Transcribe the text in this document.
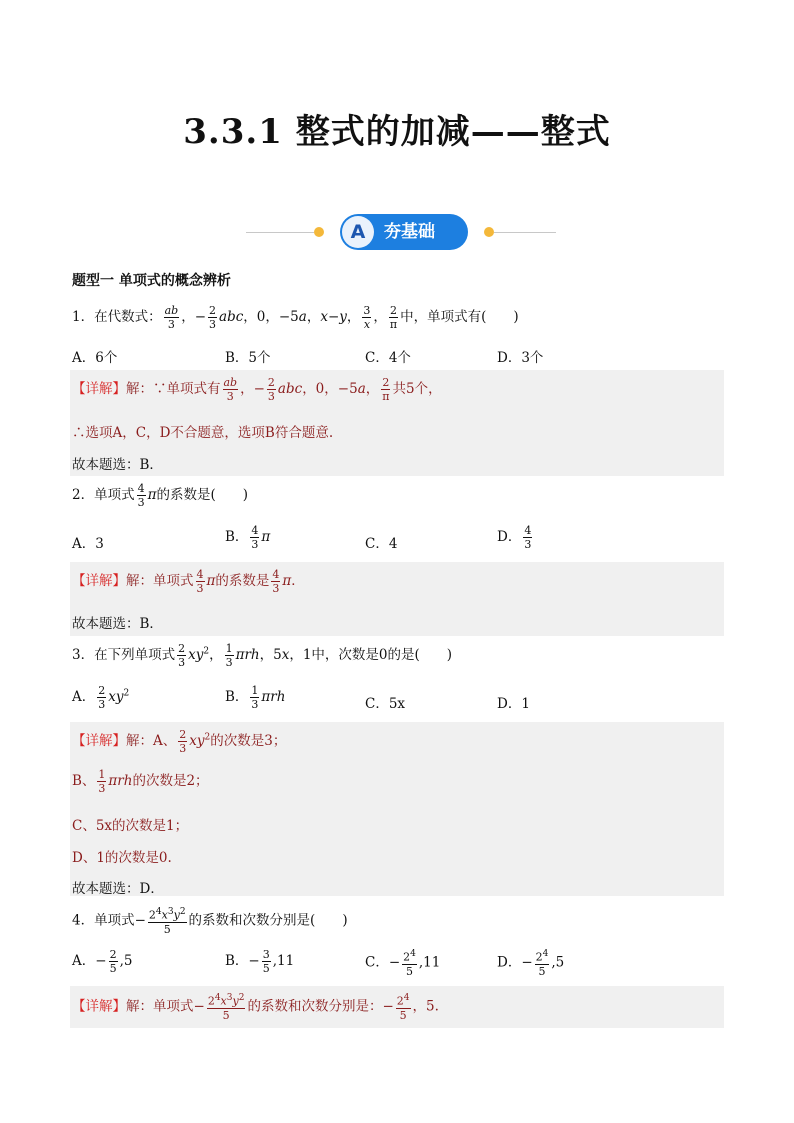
3.3.1 整式的加减——整式
A	夯基础
题型一 单项式的概念辨析
1．在代数式： $\frac{ab}{3}$ ，− $\frac{2}{3}$ abc，0，−5a，x−y， $\frac{3}{x}$ ， $\frac{2}{\pi}$ 中，单项式有(　　)
A．6个	B．5个	C．4个	D．3个
【详解】解：∵单项式有 $\frac{ab}{3}$ ，− $\frac{2}{3}$ abc，0，−5a， $\frac{2}{\pi}$ 共5个，
∴选项A，C，D不合题意，选项B符合题意.
故本题选：B．
2．单项式 $\frac{4}{3}$ π的系数是(　　)
A．3	B． $\frac{4}{3}$ π	C．4	D． $\frac{4}{3}$
【详解】解：单项式 $\frac{4}{3}$ π的系数是 $\frac{4}{3}$ π．
故本题选：B．
3．在下列单项式 $\frac{2}{3} xy^2$， $\frac{1}{3}$ πrh，5x，1中，次数是0的是(　　)
A． $\frac{2}{3} xy^2$	B． $\frac{1}{3}$ πrh	C．5x	D．1
【详解】解：A、 $\frac{2}{3} xy^2$的次数是3；
B、 $\frac{1}{3}$ πrh的次数是2；
C、5x的次数是1；
D、1的次数是0.
故本题选：D．
4．单项式− $\frac{2^4x^3y^2}{5}$ 的系数和次数分别是(　　)
A．− $\frac{2}{5} ,5$	B．− $\frac{3}{5} ,11$	C．− $\frac{2^4}{5} ,11$	D．− $\frac{2^4}{5} ,5$
【详解】解：单项式− $\frac{2^4x^3y^2}{5}$ 的系数和次数分别是：− $\frac{2^4}{5}$ ，5.
